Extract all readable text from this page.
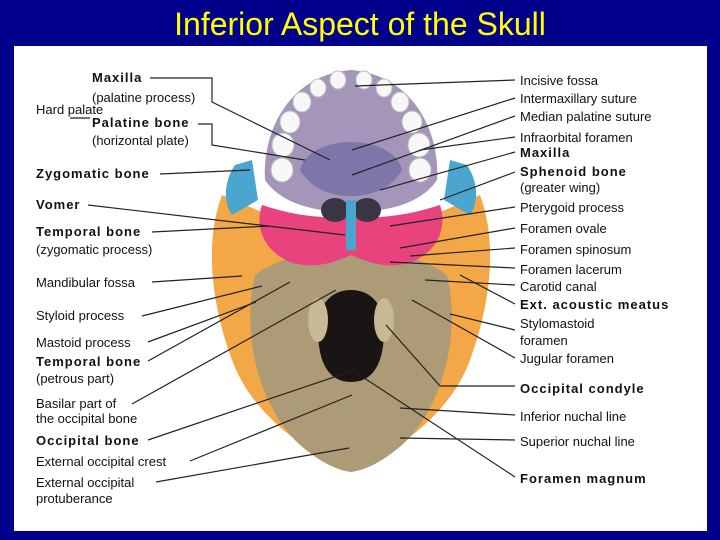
Inferior Aspect of the Skull
Hard palate
Maxilla
(palatine process)
Palatine bone
(horizontal plate)
Zygomatic bone
Vomer
Temporal bone
(zygomatic process)
Mandibular fossa
Styloid process
Mastoid process
Temporal bone
(petrous part)
Basilar part of
the occipital bone
Occipital bone
External occipital crest
External occipital
protuberance
Incisive fossa
Intermaxillary suture
Median palatine suture
Infraorbital foramen
Maxilla
Sphenoid bone
(greater wing)
Pterygoid process
Foramen ovale
Foramen spinosum
Foramen lacerum
Carotid canal
Ext. acoustic meatus
Stylomastoid
foramen
Jugular foramen
Occipital condyle
Inferior nuchal line
Superior nuchal line
Foramen magnum
